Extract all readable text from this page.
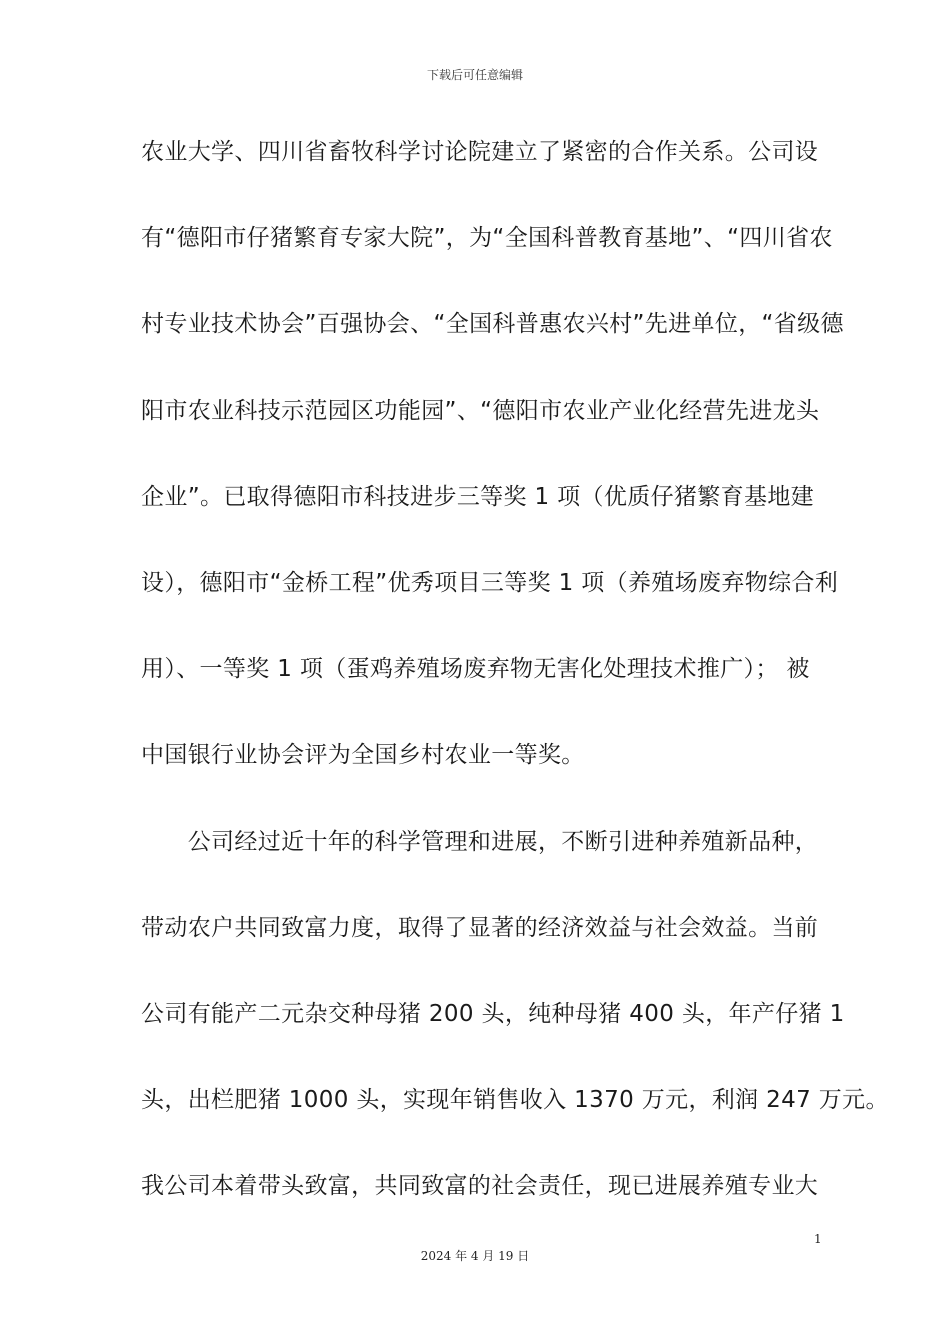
下载后可任意编辑
农业大学、四川省畜牧科学讨论院建立了紧密的合作关系。公司设
有“德阳市仔猪繁育专家大院”，为“全国科普教育基地”、“四川省农
村专业技术协会”百强协会、“全国科普惠农兴村”先进单位，“省级德
阳市农业科技示范园区功能园”、“德阳市农业产业化经营先进龙头
企业”。已取得德阳市科技进步三等奖 1 项（优质仔猪繁育基地建
设），德阳市“金桥工程”优秀项目三等奖 1 项（养殖场废弃物综合利
用）、一等奖 1 项（蛋鸡养殖场废弃物无害化处理技术推广）； 被
中国银行业协会评为全国乡村农业一等奖。
　　公司经过近十年的科学管理和进展，不断引进种养殖新品种，
带动农户共同致富力度，取得了显著的经济效益与社会效益。当前
公司有能产二元杂交种母猪 200 头，纯种母猪 400 头，年产仔猪 1
头，出栏肥猪 1000 头，实现年销售收入 1370 万元，利润 247 万元。
我公司本着带头致富，共同致富的社会责任，现已进展养殖专业大
1
2024 年 4 月 19 日
